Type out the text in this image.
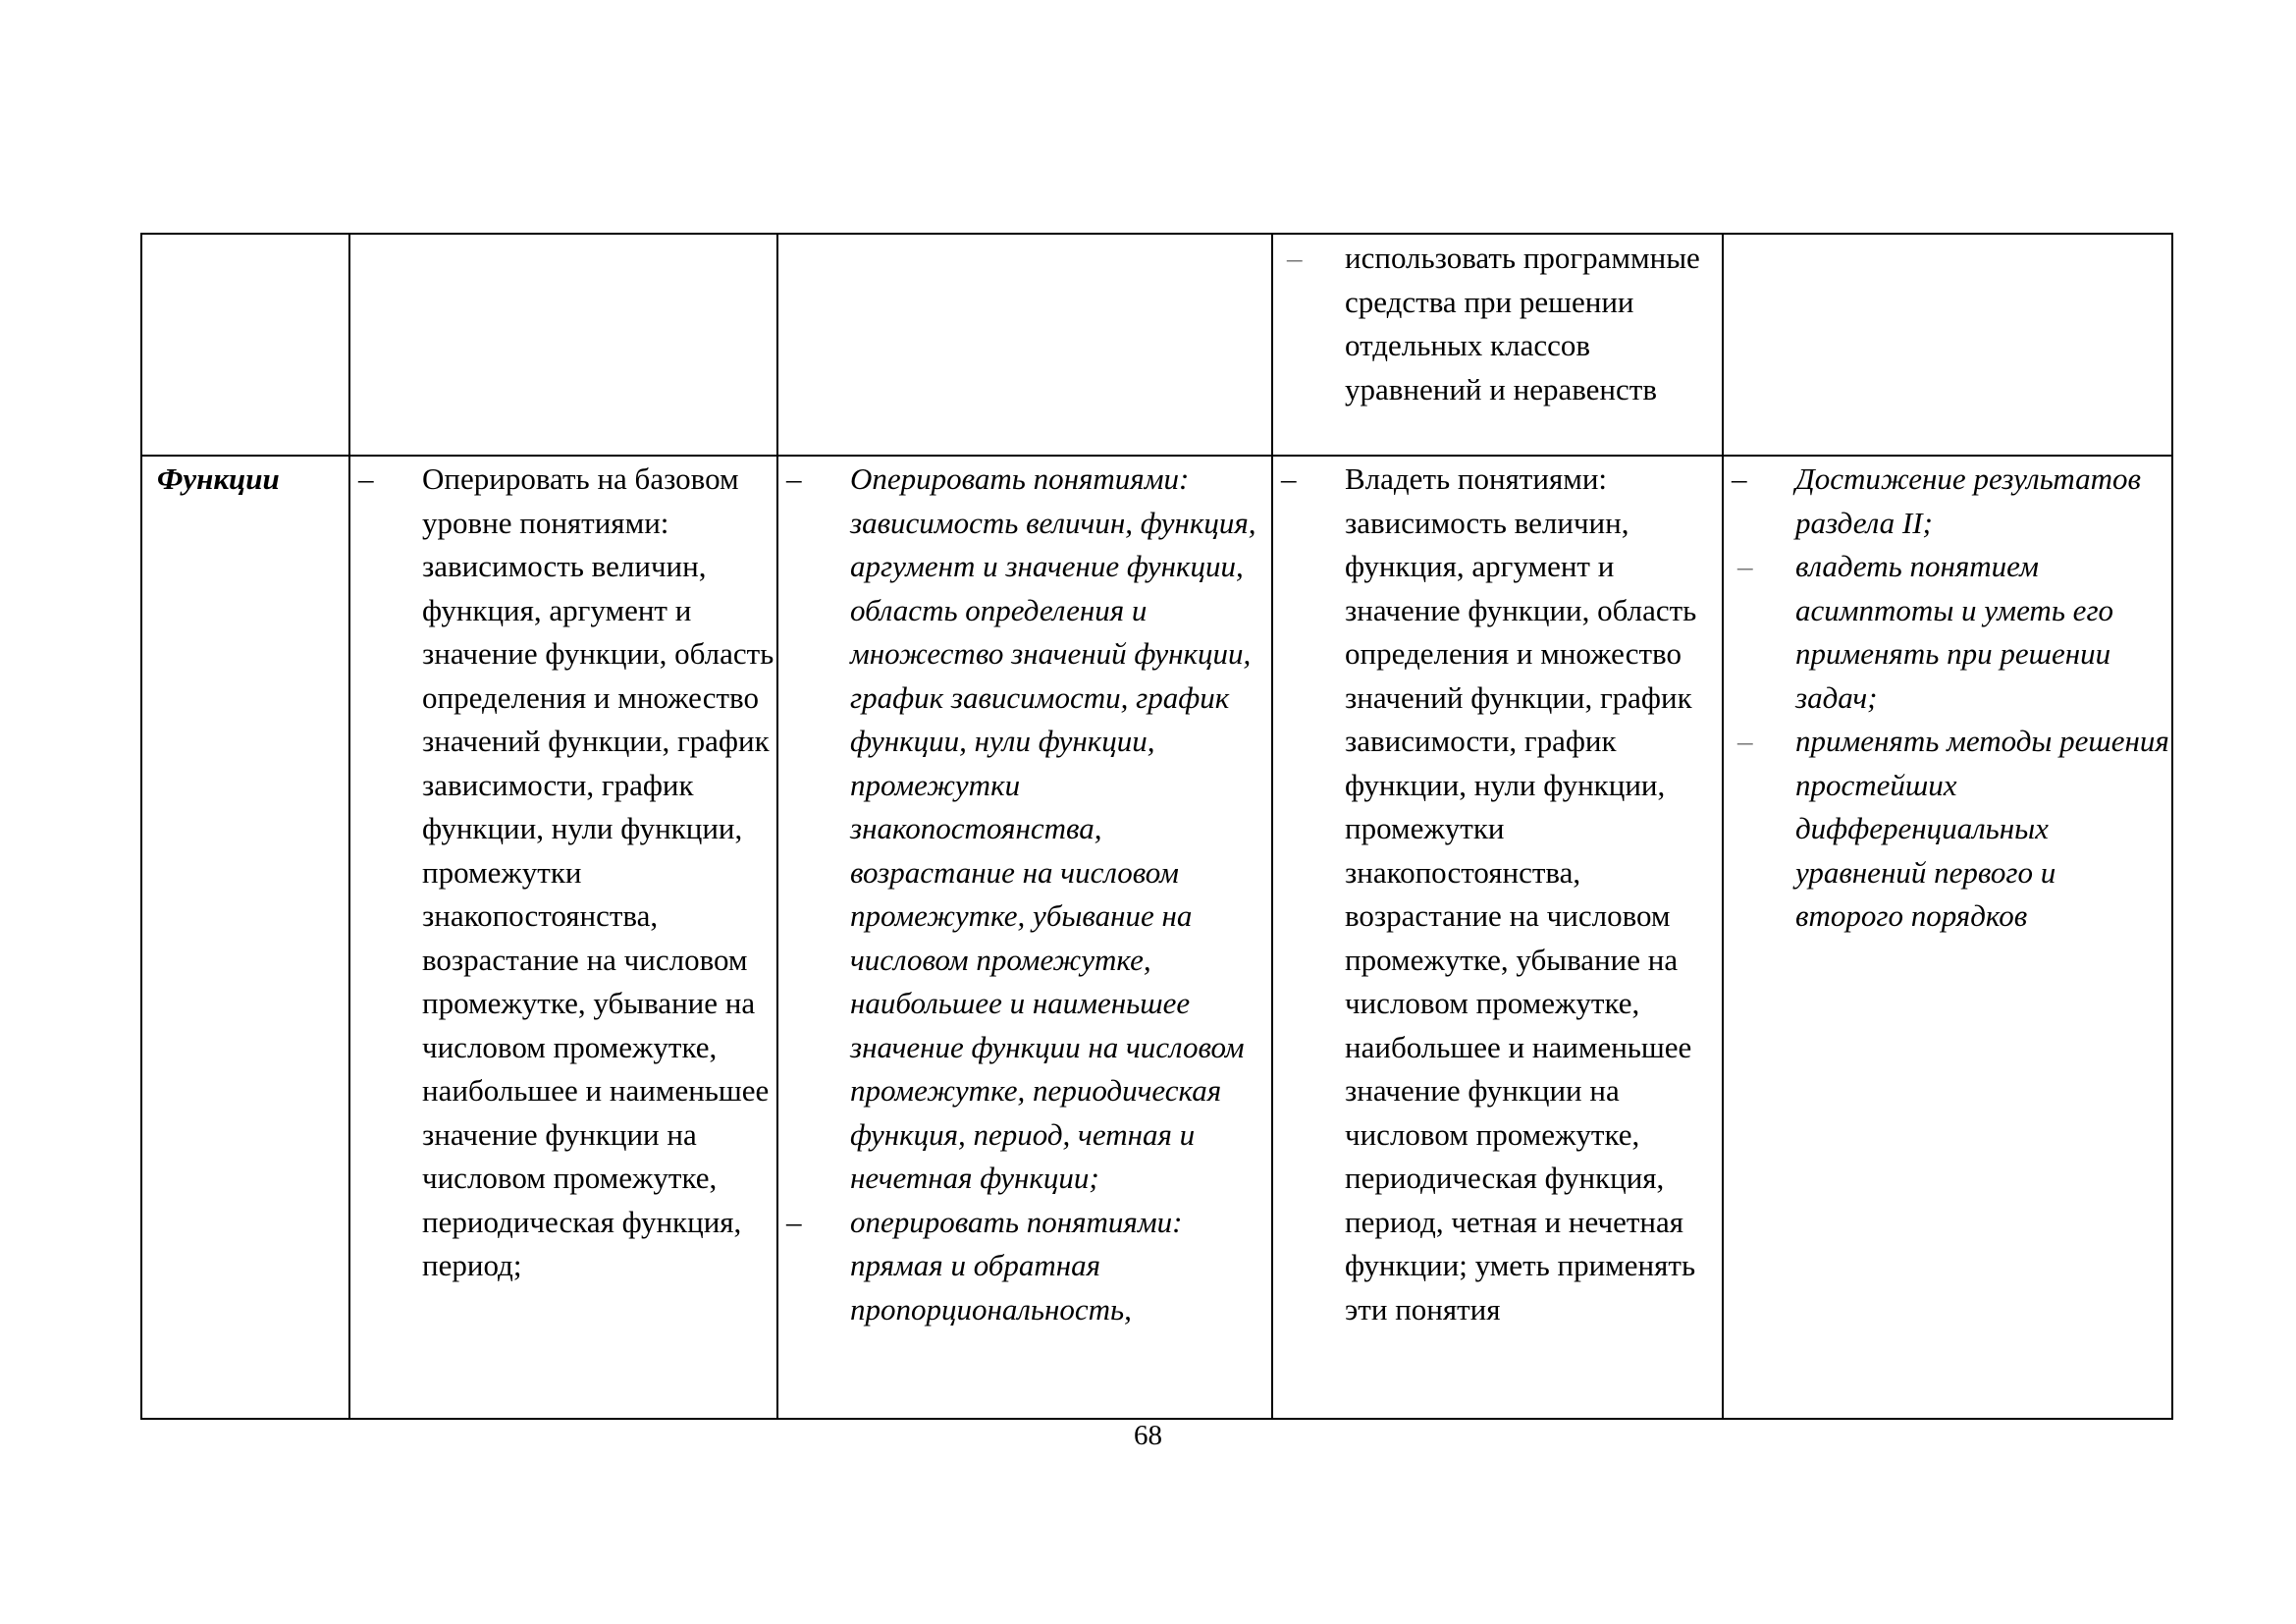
– использовать программные средства при решении отдельных классов уравнений и неравенств
Функции	– Оперировать на базовом уровне понятиями: зависимость величин, функция, аргумент и значение функции, область определения и множество значений функции, график зависимости, график функции, нули функции, промежутки знакопостоянства, возрастание на числовом промежутке, убывание на числовом промежутке, наибольшее и наименьшее значение функции на числовом промежутке, периодическая функция, период;
– Оперировать понятиями: зависимость величин, функция, аргумент и значение функции, область определения и множество значений функции, график зависимости, график функции, нули функции, промежутки знакопостоянства, возрастание на числовом промежутке, убывание на числовом промежутке, наибольшее и наименьшее значение функции на числовом промежутке, периодическая функция, период, четная и нечетная функции;
– оперировать понятиями: прямая и обратная пропорциональность,
– Владеть понятиями: зависимость величин, функция, аргумент и значение функции, область определения и множество значений функции, график зависимости, график функции, нули функции, промежутки знакопостоянства, возрастание на числовом промежутке, убывание на числовом промежутке, наибольшее и наименьшее значение функции на числовом промежутке, периодическая функция, период, четная и нечетная функции; уметь применять эти понятия
– Достижение результатов раздела II;
– владеть понятием асимптоты и уметь его применять при решении задач;
– применять методы решения простейших дифференциальных уравнений первого и второго порядков
68
